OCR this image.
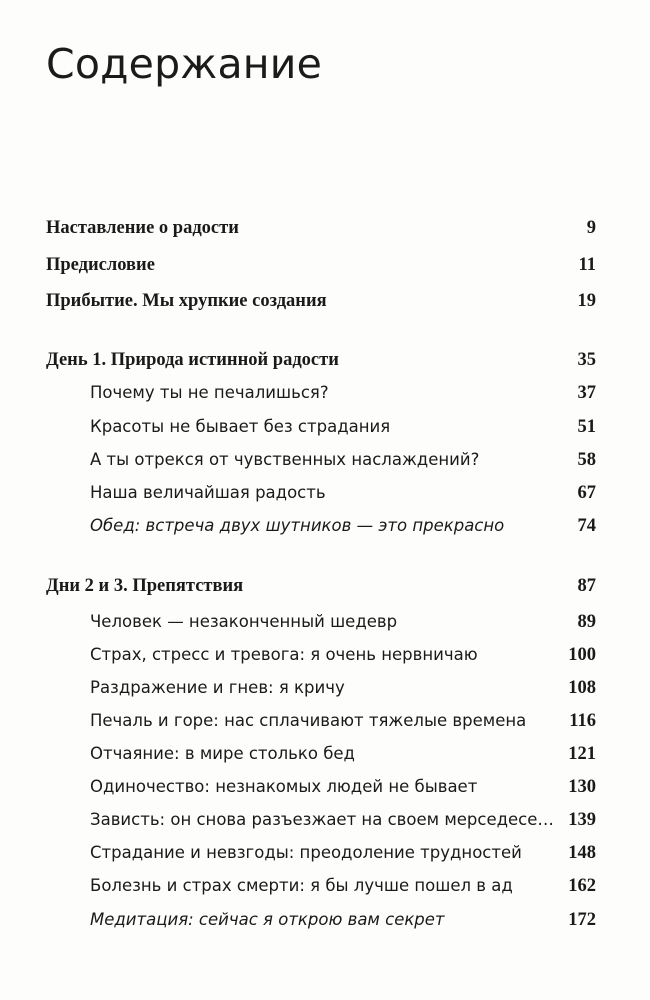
Содержание
Наставление о радости	9
Предисловие	11
Прибытие. Мы хрупкие создания	19
День 1. Природа истинной радости	35
Почему ты не печалишься?	37
Красоты не бывает без страдания	51
А ты отрекся от чувственных наслаждений?	58
Наша величайшая радость	67
Обед: встреча двух шутников — это прекрасно	74
Дни 2 и 3. Препятствия	87
Человек — незаконченный шедевр	89
Страх, стресс и тревога: я очень нервничаю	100
Раздражение и гнев: я кричу	108
Печаль и горе: нас сплачивают тяжелые времена 116
Отчаяние: в мире столько бед	121
Одиночество: незнакомых людей не бывает	130
Зависть: он снова разъезжает на своем мерседесе… 139
Страдание и невзгоды: преодоление трудностей	148
Болезнь и страх смерти: я бы лучше пошел в ад	162
Медитация: сейчас я открою вам секрет	172
